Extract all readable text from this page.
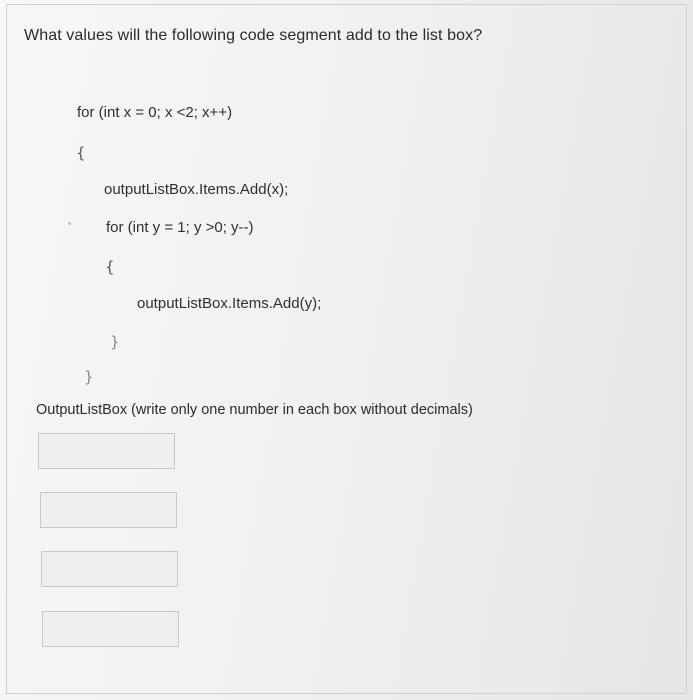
What values will the following code segment add to the list box?
for (int x = 0; x <2; x++)
{
outputListBox.Items.Add(x);
for (int y = 1; y >0; y--)
{
outputListBox.Items.Add(y);
}
}
OutputListBox (write only one number in each box without decimals)
